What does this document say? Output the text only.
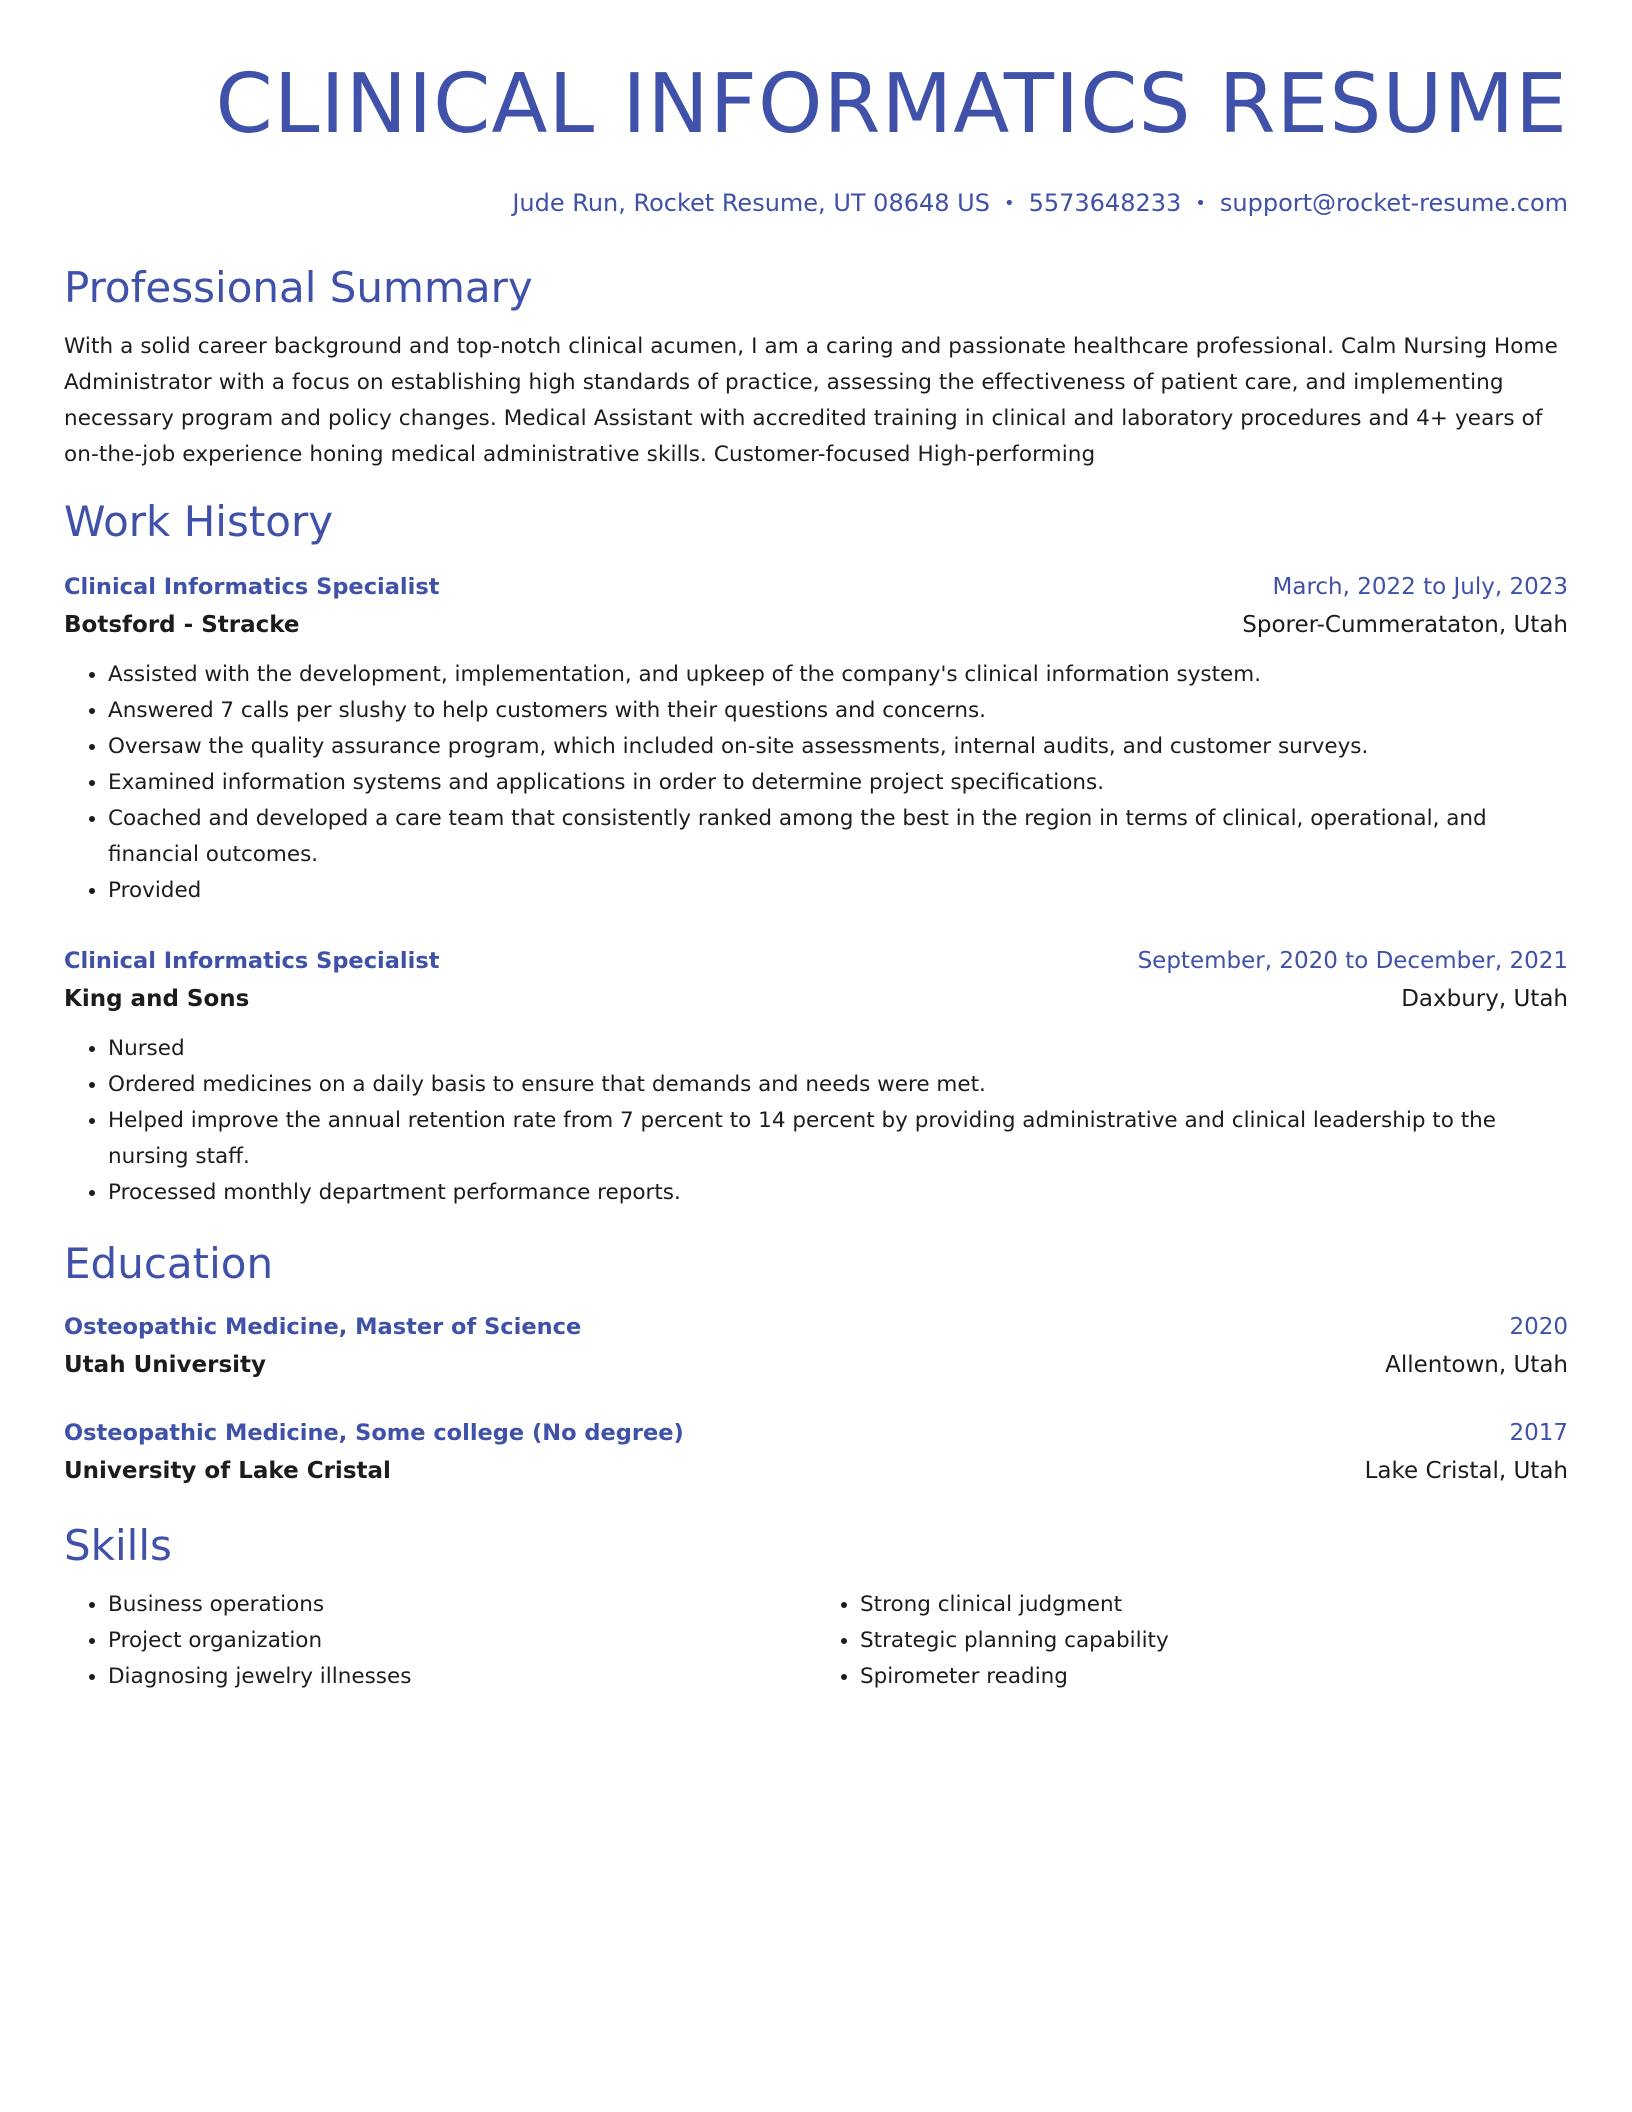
CLINICAL INFORMATICS RESUME
Jude Run, Rocket Resume, UT 08648 US • 5573648233 • support@rocket-resume.com
Professional Summary
With a solid career background and top-notch clinical acumen, I am a caring and passionate healthcare professional. Calm Nursing Home Administrator with a focus on establishing high standards of practice, assessing the effectiveness of patient care, and implementing necessary program and policy changes. Medical Assistant with accredited training in clinical and laboratory procedures and 4+ years of on-the-job experience honing medical administrative skills. Customer-focused High-performing
Work History
Clinical Informatics Specialist	March, 2022 to July, 2023
Botsford - Stracke	Sporer-Cummerataton, Utah
• Assisted with the development, implementation, and upkeep of the company's clinical information system.
• Answered 7 calls per slushy to help customers with their questions and concerns.
• Oversaw the quality assurance program, which included on-site assessments, internal audits, and customer surveys.
• Examined information systems and applications in order to determine project specifications.
• Coached and developed a care team that consistently ranked among the best in the region in terms of clinical, operational, and financial outcomes.
• Provided
Clinical Informatics Specialist	September, 2020 to December, 2021
King and Sons	Daxbury, Utah
• Nursed
• Ordered medicines on a daily basis to ensure that demands and needs were met.
• Helped improve the annual retention rate from 7 percent to 14 percent by providing administrative and clinical leadership to the nursing staff.
• Processed monthly department performance reports.
Education
Osteopathic Medicine, Master of Science	2020
Utah University	Allentown, Utah
Osteopathic Medicine, Some college (No degree)	2017
University of Lake Cristal	Lake Cristal, Utah
Skills
• Business operations
• Project organization
• Diagnosing jewelry illnesses
• Strong clinical judgment
• Strategic planning capability
• Spirometer reading
